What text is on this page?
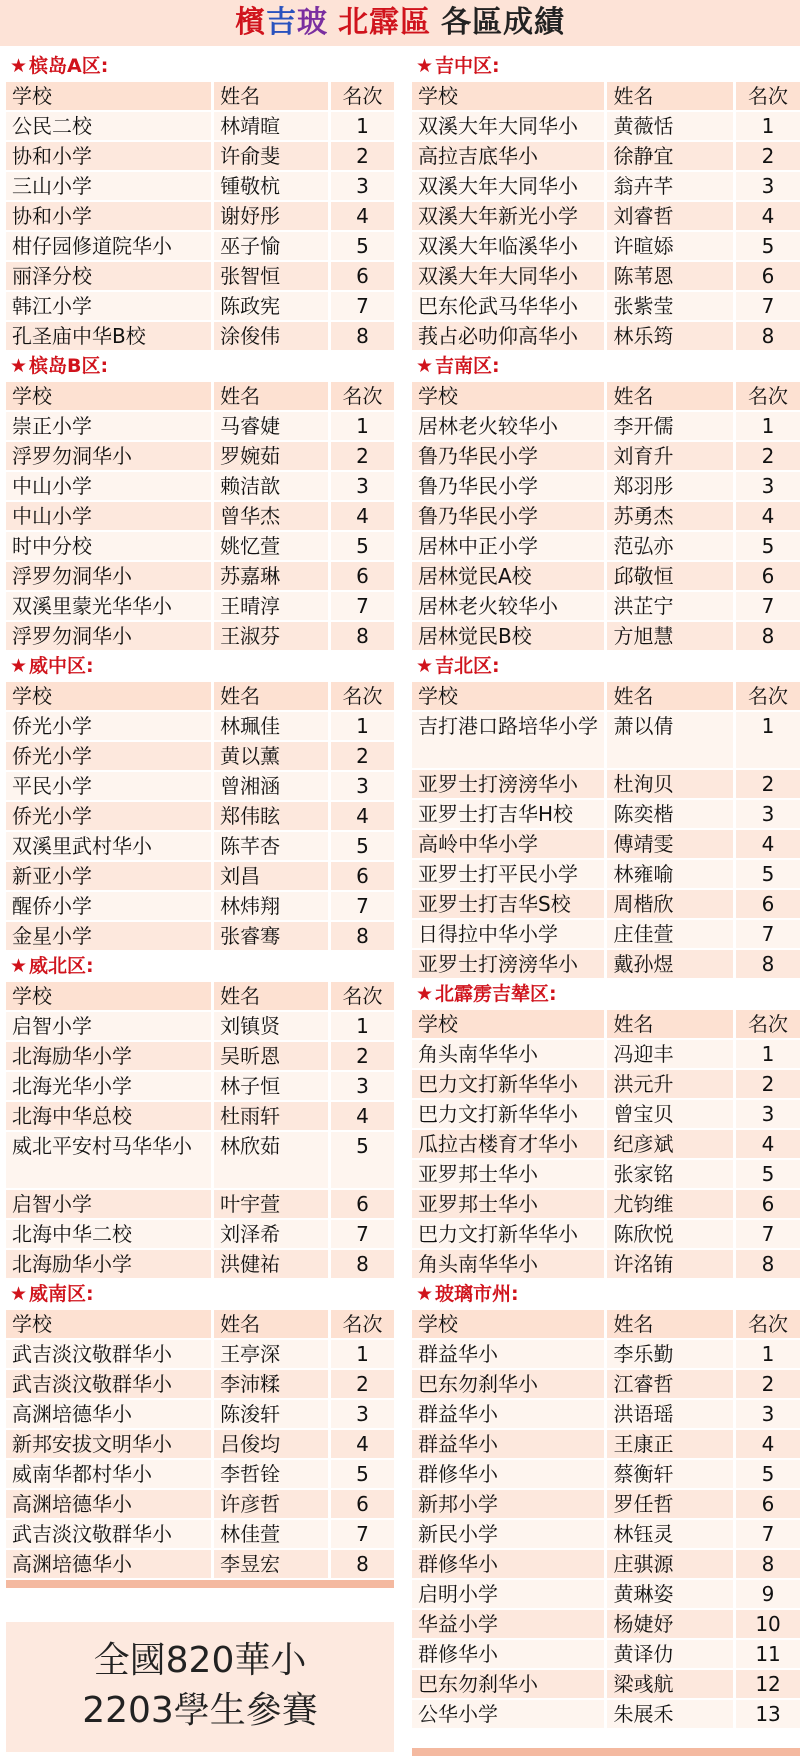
檳吉玻 北霹區 各區成績
★ 槟岛A区:
学校	姓名	名次
公民二校	林靖暄	1
协和小学	许俞斐	2
三山小学	锺敬杭	3
协和小学	谢妤彤	4
柑仔园修道院华小	巫子愉	5
丽泽分校	张智恒	6
韩江小学	陈政宪	7
孔圣庙中华B校	涂俊伟	8
★ 槟岛B区:
学校	姓名	名次
崇正小学	马睿婕	1
浮罗勿洞华小	罗婉茹	2
中山小学	赖洁歆	3
中山小学	曾华杰	4
时中分校	姚忆萱	5
浮罗勿洞华小	苏嘉琳	6
双溪里蒙光华华小	王晴淳	7
浮罗勿洞华小	王淑芬	8
★ 威中区:
学校	姓名	名次
侨光小学	林珮佳	1
侨光小学	黄以薰	2
平民小学	曾湘涵	3
侨光小学	郑伟眩	4
双溪里武村华小	陈芊杏	5
新亚小学	刘昌	6
醒侨小学	林炜翔	7
金星小学	张睿骞	8
★ 威北区:
学校	姓名	名次
启智小学	刘镇贤	1
北海励华小学	吴昕恩	2
北海光华小学	林子恒	3
北海中华总校	杜雨轩	4
威北平安村马华华小	林欣茹	5
启智小学	叶宇萱	6
北海中华二校	刘泽希	7
北海励华小学	洪健祐	8
★ 威南区:
学校	姓名	名次
武吉淡汶敬群华小	王亭深	1
武吉淡汶敬群华小	李沛糅	2
高渊培德华小	陈浚轩	3
新邦安拔文明华小	吕俊均	4
威南华都村华小	李哲铨	5
高渊培德华小	许彦哲	6
武吉淡汶敬群华小	林佳萱	7
高渊培德华小	李昱宏	8
★ 吉中区:
学校	姓名	名次
双溪大年大同华小	黄薇恬	1
高拉吉底华小	徐静宜	2
双溪大年大同华小	翁卉芊	3
双溪大年新光小学	刘睿哲	4
双溪大年临溪华小	许暄婖	5
双溪大年大同华小	陈苇恩	6
巴东伦武马华华小	张紫莹	7
莪占必叻仰高华小	林乐筠	8
★ 吉南区:
学校	姓名	名次
居林老火较华小	李开儒	1
鲁乃华民小学	刘育升	2
鲁乃华民小学	郑羽彤	3
鲁乃华民小学	苏勇杰	4
居林中正小学	范弘亦	5
居林觉民A校	邱敬恒	6
居林老火较华小	洪芷宁	7
居林觉民B校	方旭慧	8
★ 吉北区:
学校	姓名	名次
吉打港口路培华小学	萧以倩	1
亚罗士打滂滂华小	杜洵贝	2
亚罗士打吉华H校	陈奕楷	3
高岭中华小学	傅靖雯	4
亚罗士打平民小学	林雍喻	5
亚罗士打吉华S校	周楷欣	6
日得拉中华小学	庄佳萱	7
亚罗士打滂滂华小	戴孙煜	8
★ 北霹雳吉辇区:
学校	姓名	名次
角头南华华小	冯迎丰	1
巴力文打新华华小	洪元升	2
巴力文打新华华小	曾宝贝	3
瓜拉古楼育才华小	纪彦斌	4
亚罗邦士华小	张家铭	5
亚罗邦士华小	尤钧维	6
巴力文打新华华小	陈欣悦	7
角头南华华小	许洺铕	8
★ 玻璃市州:
学校	姓名	名次
群益华小	李乐勤	1
巴东勿刹华小	江睿哲	2
群益华小	洪语瑶	3
群益华小	王康正	4
群修华小	蔡衡轩	5
新邦小学	罗任哲	6
新民小学	林钰灵	7
群修华小	庄骐源	8
启明小学	黄琳姿	9
华益小学	杨婕妤	10
群修华小	黄译仂	11
巴东勿刹华小	梁彧航	12
公华小学	朱展禾	13
全國820華小
2203學生參賽
